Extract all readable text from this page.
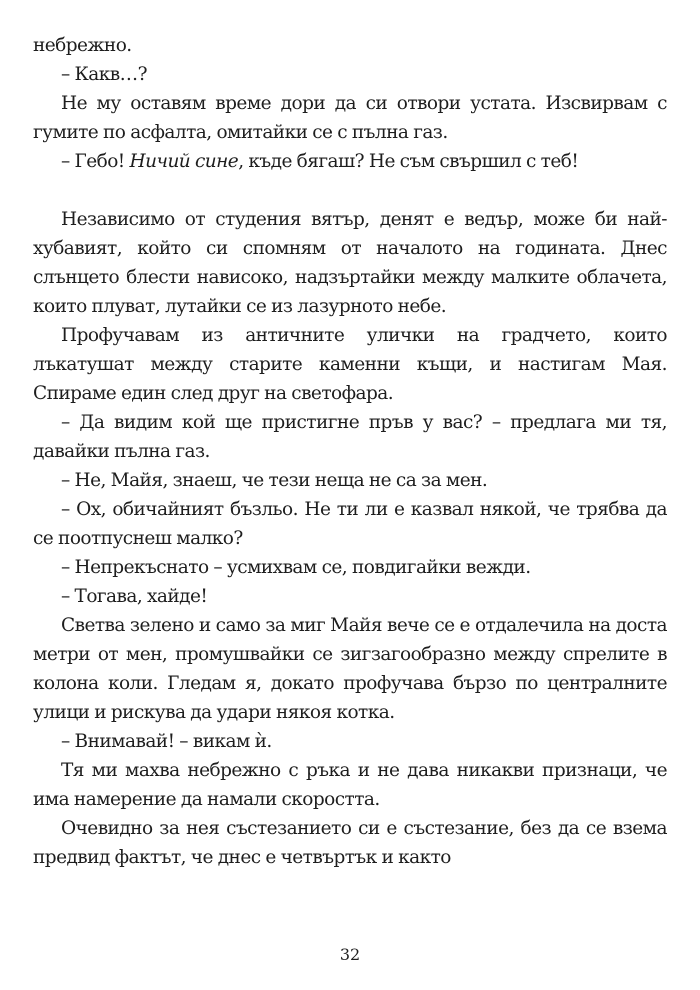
небрежно.

– Какв…?

Не му оставям време дори да си отвори устата. Изсвирвам с гумите по асфалта, омитайки се с пълна газ.

– Гебо! Ничий сине, къде бягаш? Не съм свършил с теб!

Независимо от студения вятър, денят е ведър, може би най-хубавият, който си спомням от началото на годината. Днес слънцето блести нависоко, надзъртайки между малките облачета, които плуват, лутайки се из лазурното небе.

Профучавам из античните улички на градчето, които лъкатушат между старите каменни къщи, и настигам Мая. Спираме един след друг на светофара.

– Да видим кой ще пристигне пръв у вас? – предлага ми тя, давайки пълна газ.

– Не, Майя, знаеш, че тези неща не са за мен.

– Ох, обичайният бъзльо. Не ти ли е казвал някой, че трябва да се поотпуснеш малко?

– Непрекъснато – усмихвам се, повдигайки вежди.

– Тогава, хайде!

Светва зелено и само за миг Майя вече се е отдалечила на доста метри от мен, промушвайки се зигзагообразно между спрелите в колона коли. Гледам я, докато профучава бързо по централните улици и рискува да удари някоя котка.

– Внимавай! – викам ѝ.

Тя ми махва небрежно с ръка и не дава никакви признаци, че има намерение да намали скоростта.

Очевидно за нея състезанието си е състезание, без да се взема предвид фактът, че днес е четвъртък и както

32
